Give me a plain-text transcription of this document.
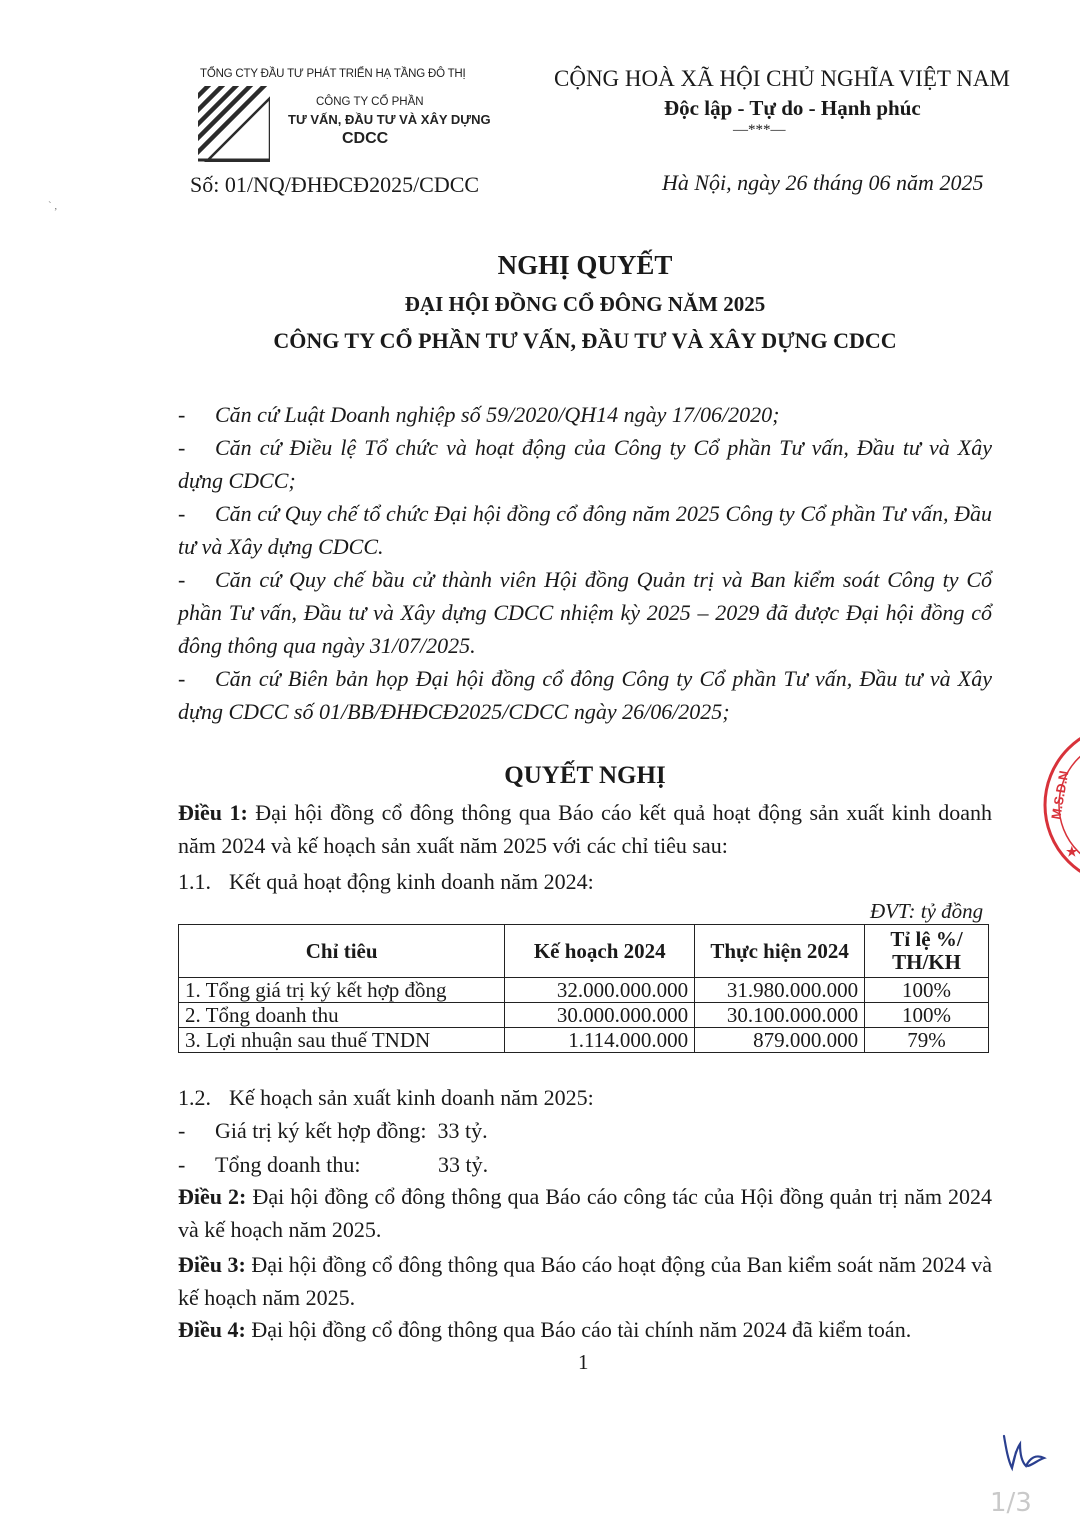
TỔNG CTY ĐẦU TƯ PHÁT TRIỂN HẠ TẦNG ĐÔ THỊ
CÔNG TY CỔ PHẦN
TƯ VẤN, ĐẦU TƯ VÀ XÂY DỰNG
CDCC
Số: 01/NQ/ĐHĐCĐ2025/CDCC
CỘNG HOÀ XÃ HỘI CHỦ NGHĨA VIỆT NAM
Độc lập - Tự do - Hạnh phúc
—***—
Hà Nội, ngày 26 tháng 06 năm 2025
` ,
NGHỊ QUYẾT
ĐẠI HỘI ĐỒNG CỔ ĐÔNG NĂM 2025
CÔNG TY CỔ PHẦN TƯ VẤN, ĐẦU TƯ VÀ XÂY DỰNG CDCC
- Căn cứ Luật Doanh nghiệp số 59/2020/QH14 ngày 17/06/2020;
- Căn cứ Điều lệ Tổ chức và hoạt động của Công ty Cổ phần Tư vấn, Đầu tư và Xây dựng CDCC;
- Căn cứ Quy chế tổ chức Đại hội đồng cổ đông năm 2025 Công ty Cổ phần Tư vấn, Đầu tư và Xây dựng CDCC.
- Căn cứ Quy chế bầu cử thành viên Hội đồng Quản trị và Ban kiểm soát Công ty Cổ phần Tư vấn, Đầu tư và Xây dựng CDCC nhiệm kỳ 2025 – 2029 đã được Đại hội đồng cổ đông thông qua ngày 31/07/2025.
- Căn cứ Biên bản họp Đại hội đồng cổ đông Công ty Cổ phần Tư vấn, Đầu tư và Xây dựng CDCC số 01/BB/ĐHĐCĐ2025/CDCC ngày 26/06/2025;
QUYẾT NGHỊ
Điều 1: Đại hội đồng cổ đông thông qua Báo cáo kết quả hoạt động sản xuất kinh doanh năm 2024 và kế hoạch sản xuất năm 2025 với các chỉ tiêu sau:
1.1. Kết quả hoạt động kinh doanh năm 2024:
ĐVT: tỷ đồng
Chỉ tiêu	Kế hoạch 2024	Thực hiện 2024	Tỉ lệ %/
TH/KH
1. Tổng giá trị ký kết hợp đồng	32.000.000.000	31.980.000.000	100%
2. Tổng doanh thu	30.000.000.000	30.100.000.000	100%
3. Lợi nhuận sau thuế TNDN	1.114.000.000	879.000.000	79%
1.2. Kế hoạch sản xuất kinh doanh năm 2025:
- Giá trị ký kết hợp đồng: 33 tỷ.
- Tổng doanh thu:	33 tỷ.
Điều 2: Đại hội đồng cổ đông thông qua Báo cáo công tác của Hội đồng quản trị năm 2024 và kế hoạch năm 2025.
Điều 3: Đại hội đồng cổ đông thông qua Báo cáo hoạt động của Ban kiểm soát năm 2024 và kế hoạch năm 2025.
Điều 4: Đại hội đồng cổ đông thông qua Báo cáo tài chính năm 2024 đã kiểm toán.
1
M.S.D.N
★
1/3
